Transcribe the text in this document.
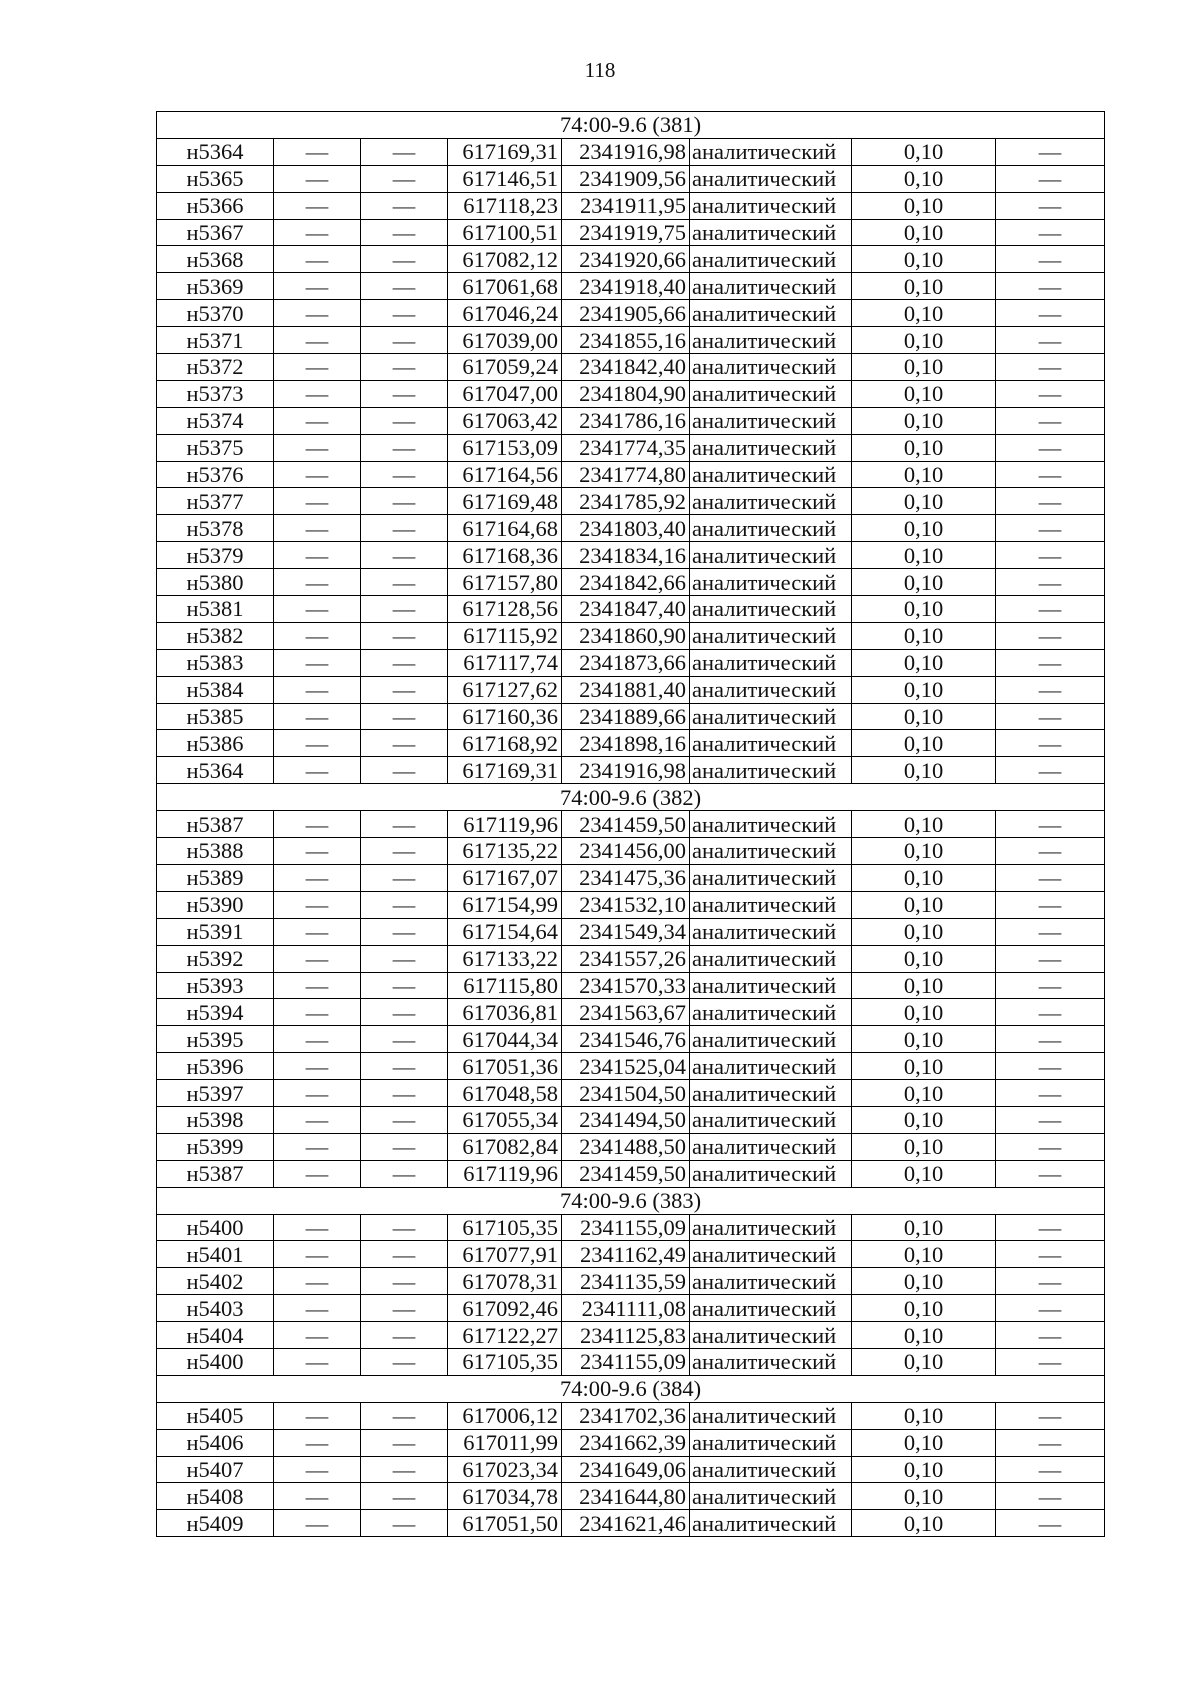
118
74:00-9.6 (381)							
н5364	—	—	617169,31	2341916,98	аналитический	0,10	—
н5365	—	—	617146,51	2341909,56	аналитический	0,10	—
н5366	—	—	617118,23	2341911,95	аналитический	0,10	—
н5367	—	—	617100,51	2341919,75	аналитический	0,10	—
н5368	—	—	617082,12	2341920,66	аналитический	0,10	—
н5369	—	—	617061,68	2341918,40	аналитический	0,10	—
н5370	—	—	617046,24	2341905,66	аналитический	0,10	—
н5371	—	—	617039,00	2341855,16	аналитический	0,10	—
н5372	—	—	617059,24	2341842,40	аналитический	0,10	—
н5373	—	—	617047,00	2341804,90	аналитический	0,10	—
н5374	—	—	617063,42	2341786,16	аналитический	0,10	—
н5375	—	—	617153,09	2341774,35	аналитический	0,10	—
н5376	—	—	617164,56	2341774,80	аналитический	0,10	—
н5377	—	—	617169,48	2341785,92	аналитический	0,10	—
н5378	—	—	617164,68	2341803,40	аналитический	0,10	—
н5379	—	—	617168,36	2341834,16	аналитический	0,10	—
н5380	—	—	617157,80	2341842,66	аналитический	0,10	—
н5381	—	—	617128,56	2341847,40	аналитический	0,10	—
н5382	—	—	617115,92	2341860,90	аналитический	0,10	—
н5383	—	—	617117,74	2341873,66	аналитический	0,10	—
н5384	—	—	617127,62	2341881,40	аналитический	0,10	—
н5385	—	—	617160,36	2341889,66	аналитический	0,10	—
н5386	—	—	617168,92	2341898,16	аналитический	0,10	—
н5364	—	—	617169,31	2341916,98	аналитический	0,10	—
74:00-9.6 (382)							
н5387	—	—	617119,96	2341459,50	аналитический	0,10	—
н5388	—	—	617135,22	2341456,00	аналитический	0,10	—
н5389	—	—	617167,07	2341475,36	аналитический	0,10	—
н5390	—	—	617154,99	2341532,10	аналитический	0,10	—
н5391	—	—	617154,64	2341549,34	аналитический	0,10	—
н5392	—	—	617133,22	2341557,26	аналитический	0,10	—
н5393	—	—	617115,80	2341570,33	аналитический	0,10	—
н5394	—	—	617036,81	2341563,67	аналитический	0,10	—
н5395	—	—	617044,34	2341546,76	аналитический	0,10	—
н5396	—	—	617051,36	2341525,04	аналитический	0,10	—
н5397	—	—	617048,58	2341504,50	аналитический	0,10	—
н5398	—	—	617055,34	2341494,50	аналитический	0,10	—
н5399	—	—	617082,84	2341488,50	аналитический	0,10	—
н5387	—	—	617119,96	2341459,50	аналитический	0,10	—
74:00-9.6 (383)							
н5400	—	—	617105,35	2341155,09	аналитический	0,10	—
н5401	—	—	617077,91	2341162,49	аналитический	0,10	—
н5402	—	—	617078,31	2341135,59	аналитический	0,10	—
н5403	—	—	617092,46	2341111,08	аналитический	0,10	—
н5404	—	—	617122,27	2341125,83	аналитический	0,10	—
н5400	—	—	617105,35	2341155,09	аналитический	0,10	—
74:00-9.6 (384)							
н5405	—	—	617006,12	2341702,36	аналитический	0,10	—
н5406	—	—	617011,99	2341662,39	аналитический	0,10	—
н5407	—	—	617023,34	2341649,06	аналитический	0,10	—
н5408	—	—	617034,78	2341644,80	аналитический	0,10	—
н5409	—	—	617051,50	2341621,46	аналитический	0,10	—
